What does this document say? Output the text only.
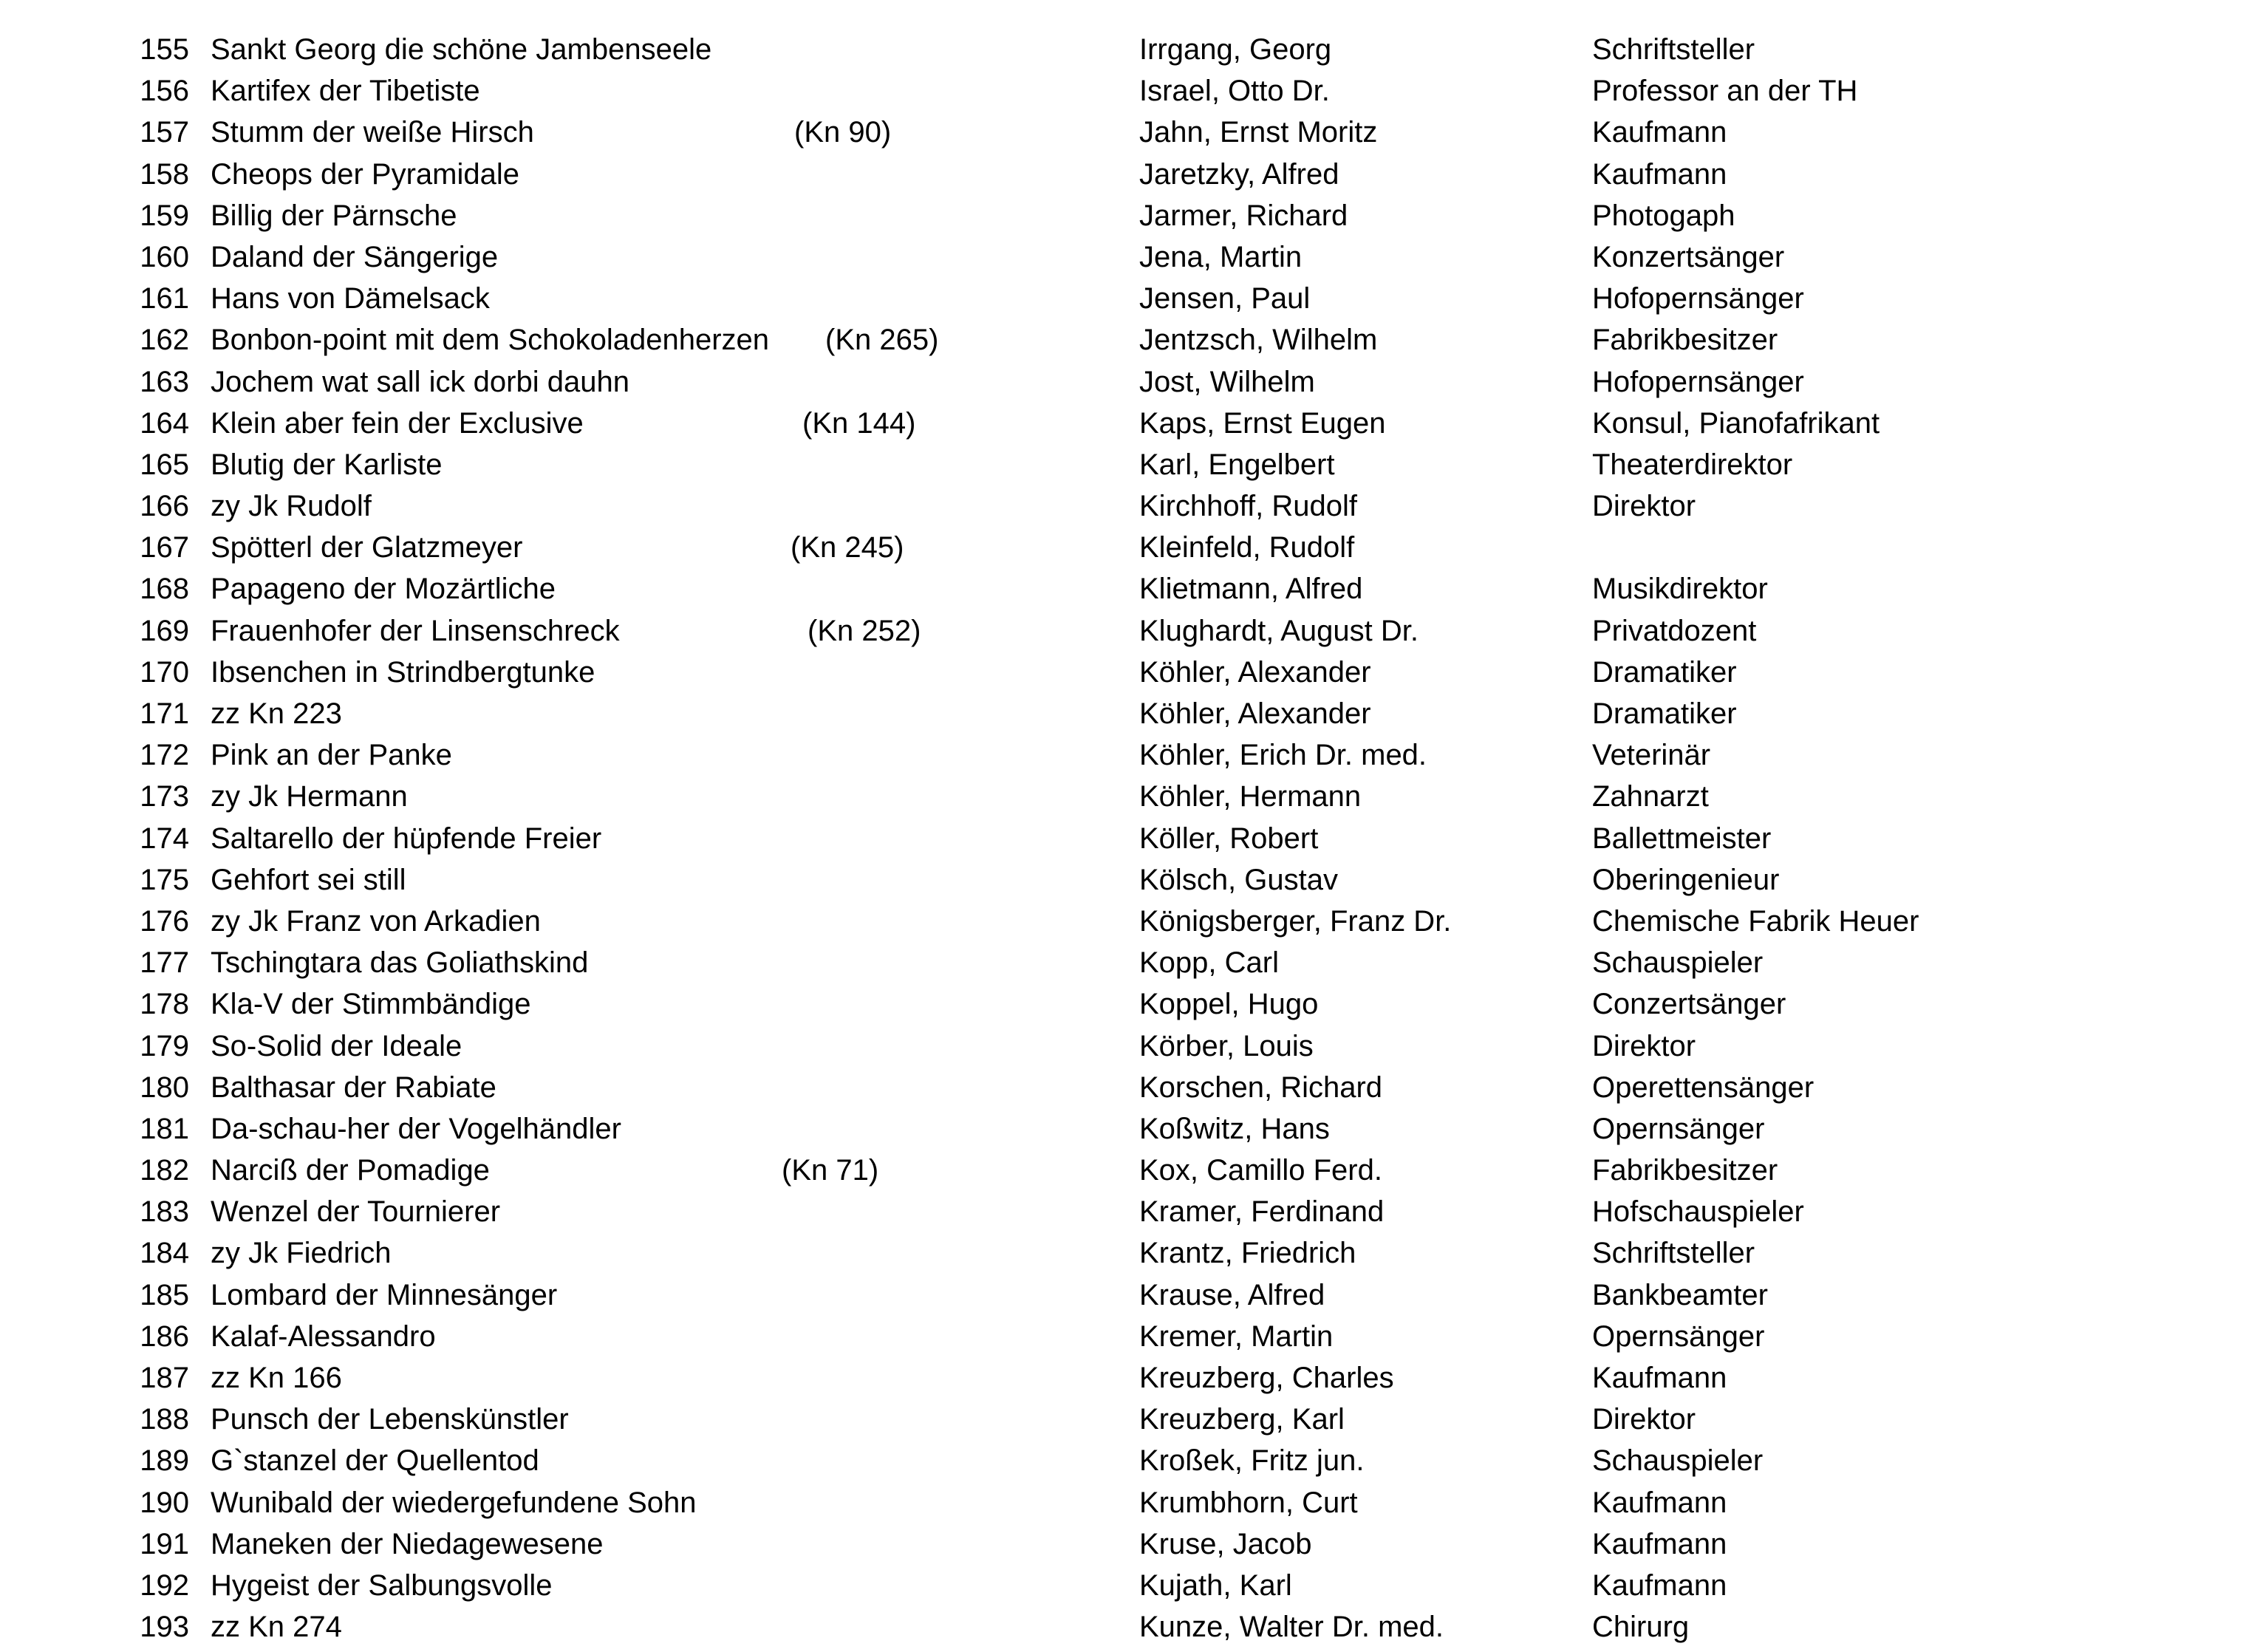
155 Sankt Georg die schöne Jambenseele	Irrgang, Georg	Schriftsteller
156 Kartifex der Tibetiste	Israel, Otto Dr.	Professor an der TH
157 Stumm der weiße Hirsch	(Kn 90)	Jahn, Ernst Moritz	Kaufmann
158 Cheops der Pyramidale	Jaretzky, Alfred	Kaufmann
159 Billig der Pärnsche	Jarmer, Richard	Photogaph
160 Daland der Sängerige	Jena, Martin	Konzertsänger
161 Hans von Dämelsack	Jensen, Paul	Hofopernsänger
162 Bonbon-point mit dem Schokoladenherzen (Kn 265)	Jentzsch, Wilhelm	Fabrikbesitzer
163 Jochem wat sall ick dorbi dauhn	Jost, Wilhelm	Hofopernsänger
164 Klein aber fein der Exclusive	(Kn 144)	Kaps, Ernst Eugen	Konsul, Pianofafrikant
165 Blutig der Karliste	Karl, Engelbert	Theaterdirektor
166 zy Jk Rudolf	Kirchhoff, Rudolf	Direktor
167 Spötterl der Glatzmeyer	(Kn 245)	Kleinfeld, Rudolf
168 Papageno der Mozärtliche	Klietmann, Alfred	Musikdirektor
169 Frauenhofer der Linsenschreck	(Kn 252)	Klughardt, August Dr.	Privatdozent
170 Ibsenchen in Strindbergtunke	Köhler, Alexander	Dramatiker
171 zz Kn 223	Köhler, Alexander	Dramatiker
172 Pink an der Panke	Köhler, Erich Dr. med.	Veterinär
173 zy Jk Hermann	Köhler, Hermann	Zahnarzt
174 Saltarello der hüpfende Freier	Köller, Robert	Ballettmeister
175 Gehfort sei still	Kölsch, Gustav	Oberingenieur
176 zy Jk Franz von Arkadien	Königsberger, Franz Dr.	Chemische Fabrik Heuer
177 Tschingtara das Goliathskind	Kopp, Carl	Schauspieler
178 Kla-V der Stimmbändige	Koppel, Hugo	Conzertsänger
179 So-Solid der Ideale	Körber, Louis	Direktor
180 Balthasar der Rabiate	Korschen, Richard	Operettensänger
181 Da-schau-her der Vogelhändler	Koßwitz, Hans	Opernsänger
182 Narciß der Pomadige	(Kn 71)	Kox, Camillo Ferd.	Fabrikbesitzer
183 Wenzel der Tournierer	Kramer, Ferdinand	Hofschauspieler
184 zy Jk Fiedrich	Krantz, Friedrich	Schriftsteller
185 Lombard der Minnesänger	Krause, Alfred	Bankbeamter
186 Kalaf-Alessandro	Kremer, Martin	Opernsänger
187 zz Kn 166	Kreuzberg, Charles	Kaufmann
188 Punsch der Lebenskünstler	Kreuzberg, Karl	Direktor
189 G`stanzel der Quellentod	Kroßek, Fritz jun.	Schauspieler
190 Wunibald der wiedergefundene Sohn	Krumbhorn, Curt	Kaufmann
191 Maneken der Niedagewesene	Kruse, Jacob	Kaufmann
192 Hygeist der Salbungsvolle	Kujath, Karl	Kaufmann
193 zz Kn 274	Kunze, Walter Dr. med.	Chirurg
